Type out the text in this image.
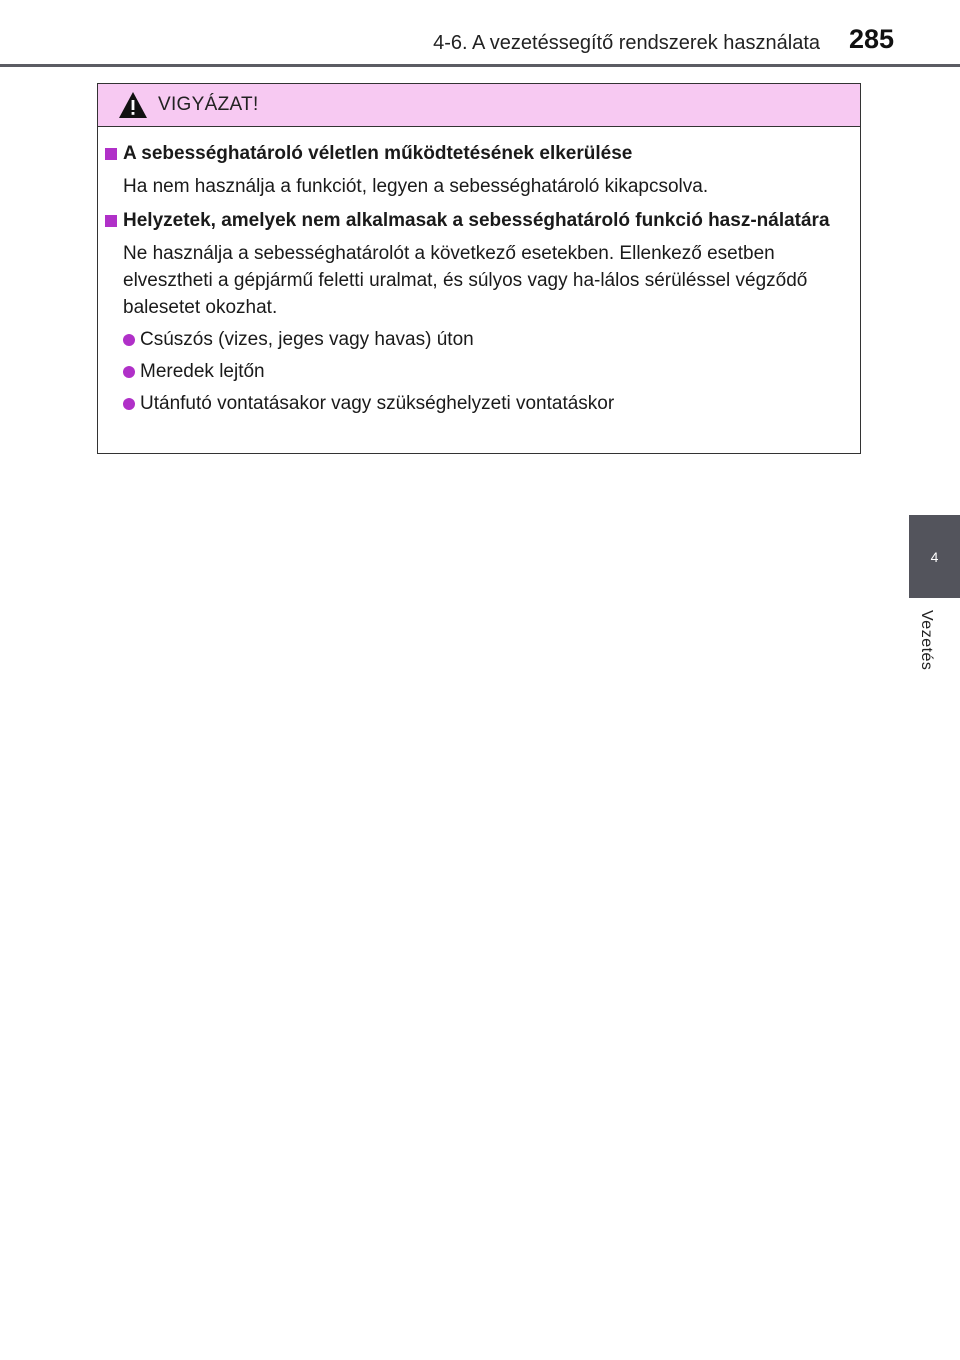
4-6. A vezetéssegítő rendszerek használata 285
4
Vezetés
VIGYÁZAT!
A sebességhatároló véletlen működtetésének elkerülése
Ha nem használja a funkciót, legyen a sebességhatároló kikapcsolva.
Helyzetek, amelyek nem alkalmasak a sebességhatároló funkció hasz-nálatára
Ne használja a sebességhatárolót a következő esetekben. Ellenkező esetben elvesztheti a gépjármű feletti uralmat, és súlyos vagy ha-lálos sérüléssel végződő balesetet okozhat.
Csúszós (vizes, jeges vagy havas) úton
Meredek lejtőn
Utánfutó vontatásakor vagy szükséghelyzeti vontatáskor
